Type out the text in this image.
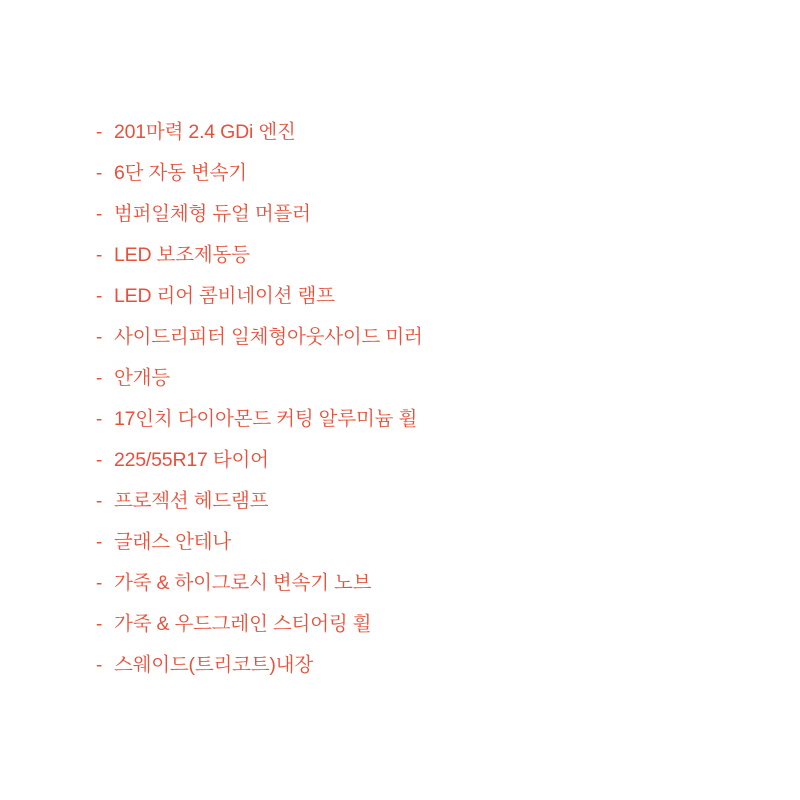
- 201마력 2.4 GDi 엔진
- 6단 자동 변속기
- 범퍼일체형 듀얼 머플러
- LED 보조제동등
- LED 리어 콤비네이션 램프
- 사이드리피터 일체형아웃사이드 미러
- 안개등
- 17인치 다이아몬드 커팅 알루미늄 휠
- 225/55R17 타이어
- 프로젝션 헤드램프
- 글래스 안테나
- 가죽 & 하이그로시 변속기 노브
- 가죽 & 우드그레인 스티어링 휠
- 스웨이드(트리코트)내장
